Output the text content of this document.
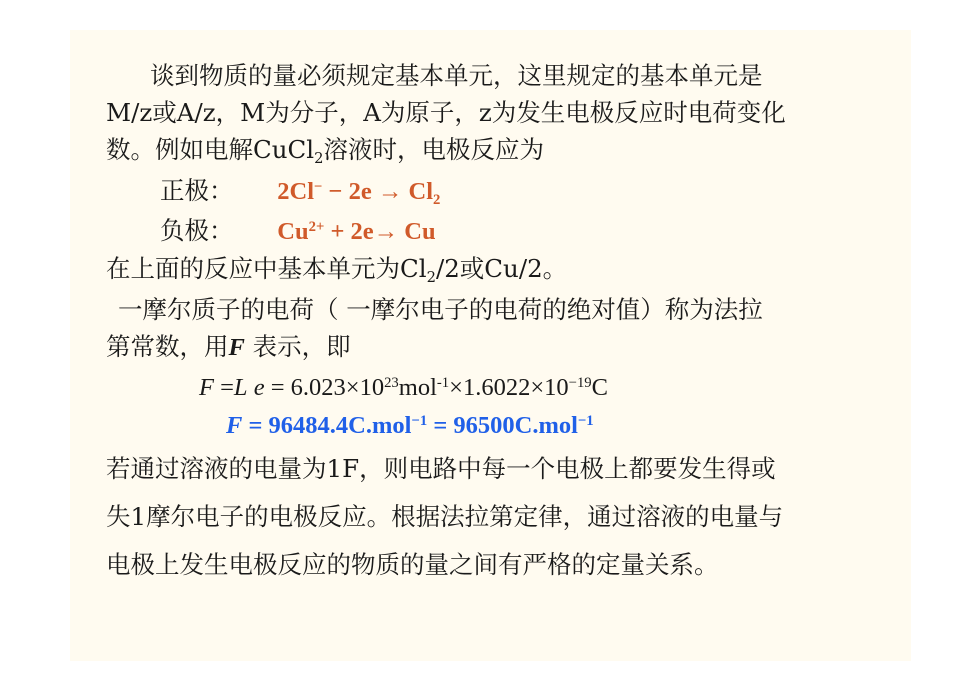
谈到物质的量必须规定基本单元，这里规定的基本单元是
M/z或A/z，M为分子，A为原子，z为发生电极反应时电荷变化
数。例如电解CuCl$_2$溶液时，电极反应为
正极： $2Cl^- - 2e \to Cl_2$
负极： $Cu^{2+} + 2e\to Cu$
在上面的反应中基本单元为$Cl_2/2$或Cu/2。
一摩尔质子的电荷（ 一摩尔电子的电荷的绝对值）称为法拉
第常数，用F 表示，即
F =L $e = 6.023\times 10^{23}mol^{-1}\times 1.6022\times 10^{-19}C$
F = 96484.4C.mol$^{-1}$ = 96500C.mol$^{-1}$
若通过溶液的电量为1F，则电路中每一个电极上都要发生得或
失1摩尔电子的电极反应。根据法拉第定律，通过溶液的电量与
电极上发生电极反应的物质的量之间有严格的定量关系。
